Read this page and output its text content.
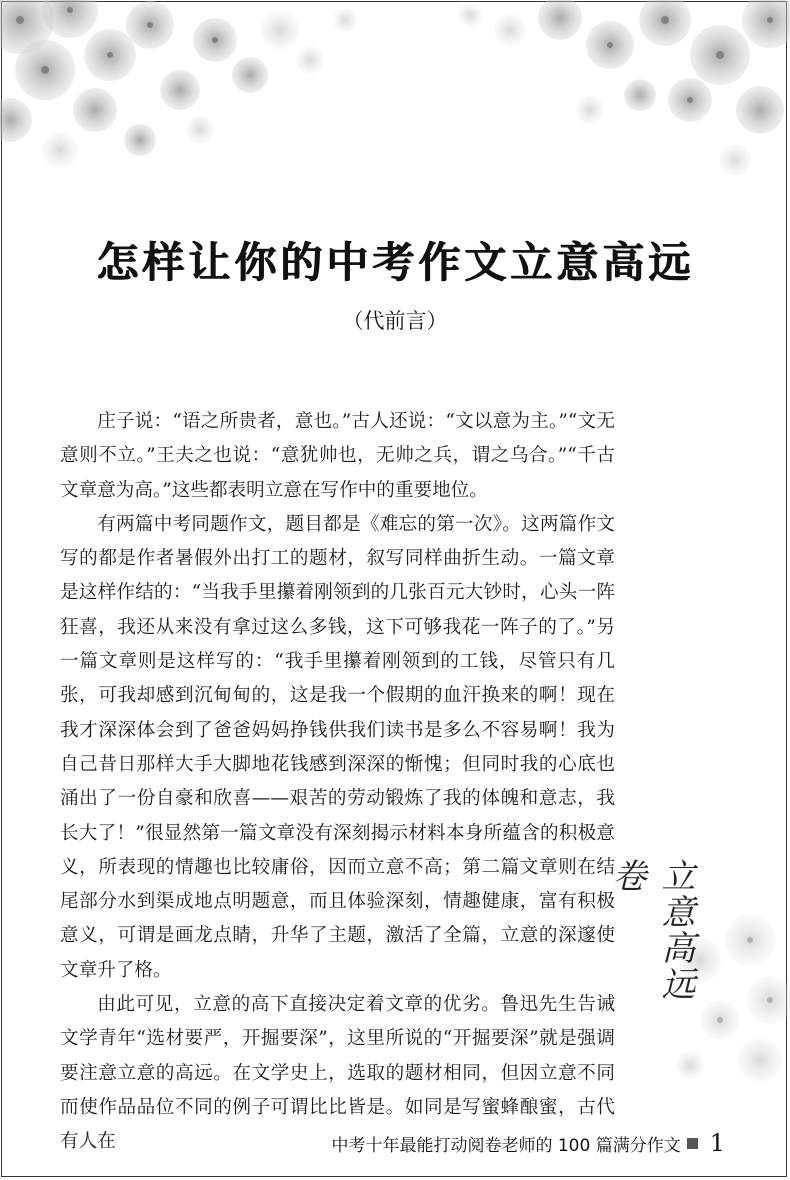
怎样让你的中考作文立意高远
（代前言）

庄子说：“语之所贵者，意也。”古人还说：“文以意为主。”“文无意则不立。”王夫之也说：“意犹帅也，无帅之兵，谓之乌合。”“千古文章意为高。”这些都表明立意在写作中的重要地位。

有两篇中考同题作文，题目都是《难忘的第一次》。这两篇作文写的都是作者暑假外出打工的题材，叙写同样曲折生动。一篇文章是这样作结的：“当我手里攥着刚领到的几张百元大钞时，心头一阵狂喜，我还从来没有拿过这么多钱，这下可够我花一阵子的了。”另一篇文章则是这样写的：“我手里攥着刚领到的工钱，尽管只有几张，可我却感到沉甸甸的，这是我一个假期的血汗换来的啊！现在我才深深体会到了爸爸妈妈挣钱供我们读书是多么不容易啊！我为自己昔日那样大手大脚地花钱感到深深的惭愧；但同时我的心底也涌出了一份自豪和欣喜——艰苦的劳动锻炼了我的体魄和意志，我长大了！”很显然第一篇文章没有深刻揭示材料本身所蕴含的积极意义，所表现的情趣也比较庸俗，因而立意不高；第二篇文章则在结尾部分水到渠成地点明题意，而且体验深刻，情趣健康，富有积极意义，可谓是画龙点睛，升华了主题，激活了全篇，立意的深邃使文章升了格。

由此可见，立意的高下直接决定着文章的优劣。鲁迅先生告诫文学青年“选材要严，开掘要深”，这里所说的“开掘要深”就是强调要注意立意的高远。在文学史上，选取的题材相同，但因立意不同而使作品品位不同的例子可谓比比皆是。如同是写蜜蜂酿蜜，古代有人在

立意高远卷
中考十年最能打动阅卷老师的 100 篇满分作文 1
